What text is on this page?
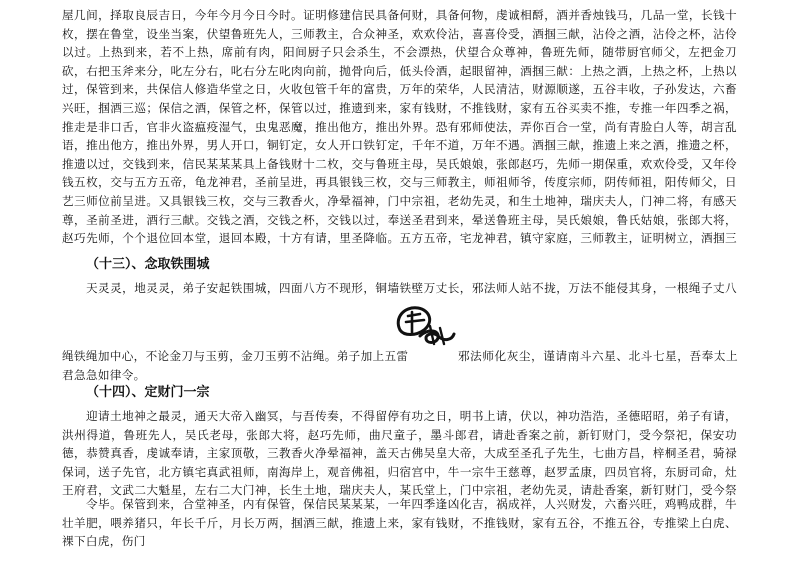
屋几间，择取良辰吉日，今年今月今日今时。证明修建信民具备何财，具备何物，虔诚相酹，酒并香烛钱马，几品一堂，长钱十枚，摆在鲁堂，设坐当案，伏望鲁班先人，三师教主，合众神圣，欢欢伶沾，喜喜伶受，酒掴三献，沾伶之酒，沾伶之杯，沾伶以过。上热到来，若不上热，席前有肉，阳间厨子只会杀生，不会漂热，伏望合众尊神，鲁班先师，随带厨官师父，左把金刀砍，右把玉斧来分，叱左分右，叱右分左叱肉向前，抛骨向后，低头伶酒，起眼留神，酒掴三献：上热之酒，上热之杯，上热以过，保管到来，共保信人修造华堂之日，火收包管千年的富贵，万年的荣华，人民清洁，财源顺遂，五谷丰收，子孙发达，六畜兴旺，掴酒三巡；保信之酒，保管之杯，保管以过，推遗到来，家有钱财，不推钱财，家有五谷买卖不推，专推一年四季之祸，推走是非口舌，官非火盗瘟疫湿气，虫鬼恶魔，推出他方，推出外界。恐有邪师使法，弄你百合一堂，尚有青脸白人等，胡言乱语，推出他方，推出外界，男人开口，铜钉定，女人开口铁钉定，千年不道，万年不遇。酒掴三献，推遗上来之酒，推遗之杯，推遗以过，交钱到来，信民某某某具上备钱财十二枚，交与鲁班主母，吴氏娘娘，张郎赵巧，先师一期保重，欢欢伶受，又年伶钱五枚，交与五方五帝，龟龙神君，圣前呈进，再具银钱三枚，交与三师教主，师祖师爷，传度宗师，阴传师祖，阳传师父，日艺三师位前呈进。又具银钱三枚，交与三教香火，净晕福神，门中宗祖，老幼先灵，和生土地神，瑞庆夫人，门神二将，有感天尊，圣前圣进，酒行三献。交钱之酒，交钱之杯，交钱以过，奉送圣君到来，晕送鲁班主母，吴氏娘娘，鲁氏姑娘，张郎大将，赵巧先师，个个退位回本堂，退回本殿，十方有请，里圣降临。五方五帝，宅龙神君，镇守家庭，三师教主，证明树立，酒掴三

（十三）、念取铁围城

天灵灵，地灵灵，弟子安起铁围城，四面八方不现形，铜墙铁壁万丈长，邪法师人站不拢，万法不能侵其身，一根绳子丈八

绳铁绳加中心，不论金刀与玉剪，金刀玉剪不沾绳。弟子加上五雷	邪法师化灰尘，谨请南斗六星、北斗七星，吾奉太上

君急急如律令。

（十四）、定财门一宗

迎请土地神之最灵，通天大帝入幽冥，与吾传奏，不得留停有功之日，明书上请，伏以，神功浩浩，圣德昭昭，弟子有请，洪州得道，鲁班先人，吴氏老母，张郎大将，赵巧先师，曲尺童子，墨斗郎君，请赴香案之前，新钉财门，受今祭祀，保安功德，恭赞真香，虔诚奉请，主家顶敬，三教香火净晕福神，盖天古佛吴皇大帝，大成至圣孔子先生，七曲方昌，梓桐圣君，骑禄保词，送子先官，北方镇宅真武祖师，南海岸上，观音佛祖，归宿宫中，牛一宗牛王慈尊，赵罗孟康，四员官将，东厨司命，灶王府君，文武二大魁星，左右二大门神，长生土地，瑞庆夫人，某氏堂上，门中宗祖，老幼先灵，请赴香案，新钉财门，受今祭

令毕。保管到来，合堂神圣，内有保管，保信民某某某，一年四季逢凶化吉，祸成祥，人兴财发，六畜兴旺，鸡鸭成群，牛壮羊肥，喂养猪只，年长千斤，月长万两，掴酒三献，推遗上来，家有钱财，不推钱财，家有五谷，不推五谷，专推梁上白虎、裸下白虎，伤门
